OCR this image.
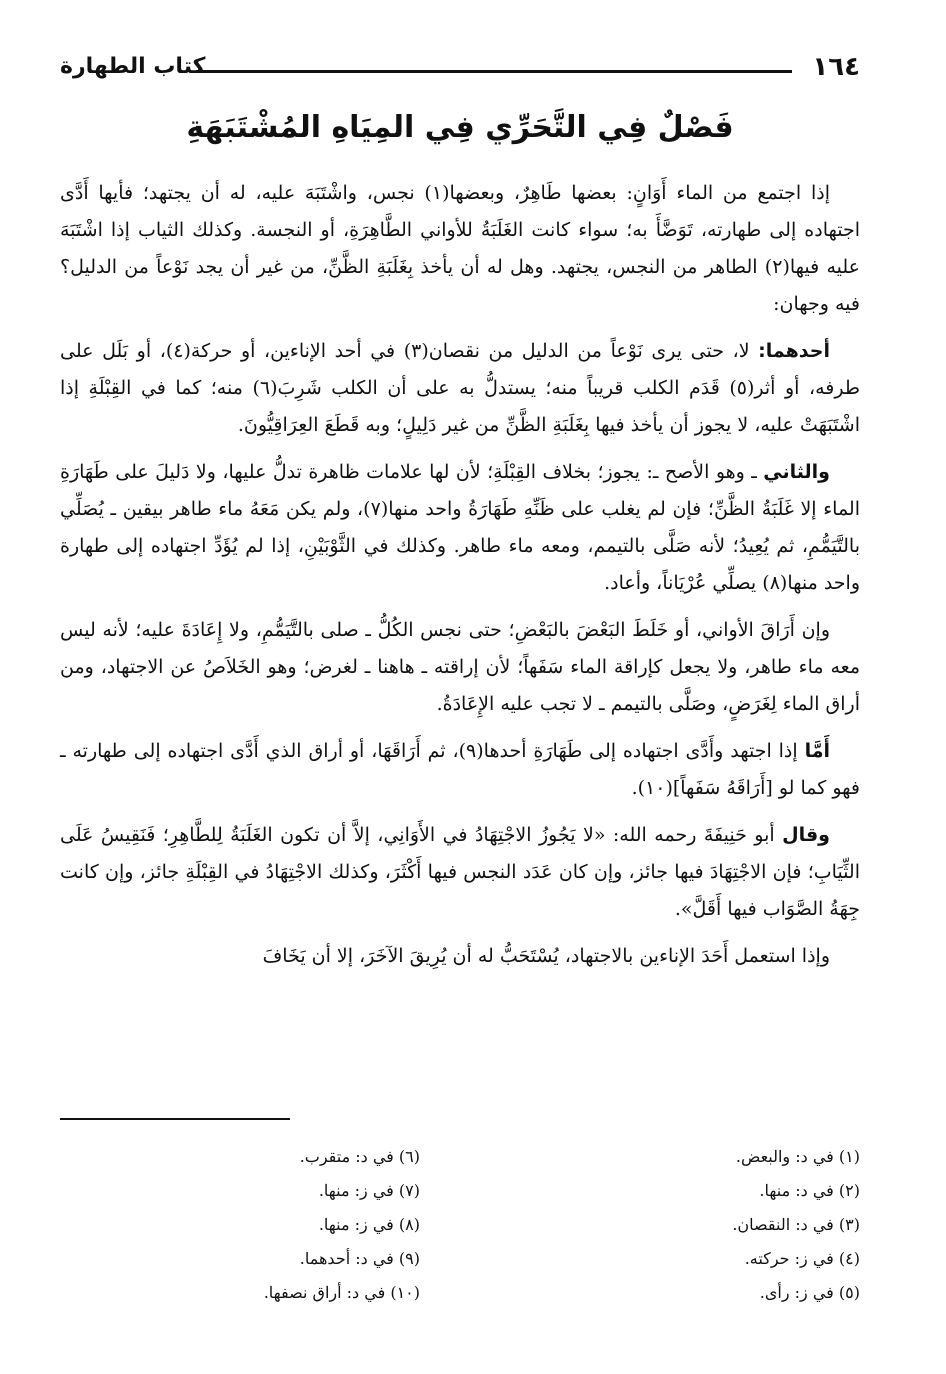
١٦٤
كتاب الطهارة
فَصْلٌ فِي التَّحَرِّي فِي المِيَاهِ المُشْتَبَهَةِ

إذا اجتمع من الماء أَوَانٍ: بعضها طَاهِرٌ، وبعضها(١) نجس، واشْتَبَهَ عليه، له أن يجتهد؛ فأيها أَدَّى اجتهاده إلى طهارته، تَوَضَّأَ به؛ سواء كانت الغَلَبَةُ للأواني الطَّاهِرَةِ، أو النجسة. وكذلك الثياب إذا اشْتَبَهَ عليه فيها(٢) الطاهر من النجس، يجتهد. وهل له أن يأخذ بِغَلَبَةِ الظَّنِّ، من غير أن يجد نَوْعاً من الدليل؟ فيه وجهان:

أحدهما: لا، حتى يرى نَوْعاً من الدليل من نقصان(٣) في أحد الإناءين، أو حركة(٤)، أو بَلَل على طرفه، أو أثر(٥) قَدَم الكلب قريباً منه؛ يستدلُّ به على أن الكلب شَرِبَ(٦) منه؛ كما في القِبْلَةِ إذا اشْتَبَهَتْ عليه، لا يجوز أن يأخذ فيها بِغَلَبَةِ الظَّنِّ من غير دَلِيلٍ؛ وبه قَطَعَ العِرَاقِيُّونَ.

والثاني ـ وهو الأصح ـ: يجوز؛ بخلاف القِبْلَةِ؛ لأن لها علامات ظاهرة تدلُّ عليها، ولا دَليلَ على طَهَارَةِ الماء إلا غَلَبَةُ الظَّنِّ؛ فإن لم يغلب على ظَنِّهِ طَهَارَةُ واحد منها(٧)، ولم يكن مَعَهُ ماء طاهر بيقين ـ يُصَلِّي بالتَّيَمُّمِ، ثم يُعِيدُ؛ لأنه صَلَّى بالتيمم، ومعه ماء طاهر. وكذلك في الثَّوْبَيْنِ، إذا لم يُؤَدِّ اجتهاده إلى طهارة واحد منها(٨) يصلِّي عُرْيَاناً، وأعاد.

وإن أَرَاقَ الأواني، أو خَلَطَ البَعْضَ بالبَعْضِ؛ حتى نجس الكُلُّ ـ صلى بالتَّيَمُّمِ، ولا إِعَادَةَ عليه؛ لأنه ليس معه ماء طاهر، ولا يجعل كإراقة الماء سَفَهاً؛ لأن إراقته ـ هاهنا ـ لغرض؛ وهو الخَلاَصُ عن الاجتهاد، ومن أراق الماء لِغَرَضٍ، وصَلَّى بالتيمم ـ لا تجب عليه الإِعَادَةُ.

أَمَّا إذا اجتهد وأَدَّى اجتهاده إلى طَهَارَةِ أحدها(٩)، ثم أَرَاقَهَا، أو أراق الذي أَدَّى اجتهاده إلى طهارته ـ فهو كما لو [أَرَاقَهُ سَفَهاً](١٠).

وقال أبو حَنِيفَةَ رحمه الله: «لا يَجُوزُ الاجْتِهَادُ في الأَوَانِي، إلاَّ أن تكون الغَلَبَةُ لِلطَّاهِرِ؛ فَنَقِيسُ عَلَى الثِّيَابِ؛ فإن الاجْتِهَادَ فيها جائز، وإن كان عَدَد النجس فيها أَكْثَرَ، وكذلك الاجْتِهَادُ في القِبْلَةِ جائز، وإن كانت جِهَةُ الصَّوَاب فيها أَقَلَّ».

وإذا استعمل أَحَدَ الإناءين بالاجتهاد، يُسْتَحَبُّ له أن يُرِيقَ الآخَرَ، إلا أن يَخَافَ

(١) في د: والبعض.
(٢) في د: منها.
(٣) في د: النقصان.
(٤) في ز: حركته.
(٥) في ز: رأى.
(٦) في د: متقرب.
(٧) في ز: منها.
(٨) في ز: منها.
(٩) في د: أحدهما.
(١٠) في د: أراق نصفها.
